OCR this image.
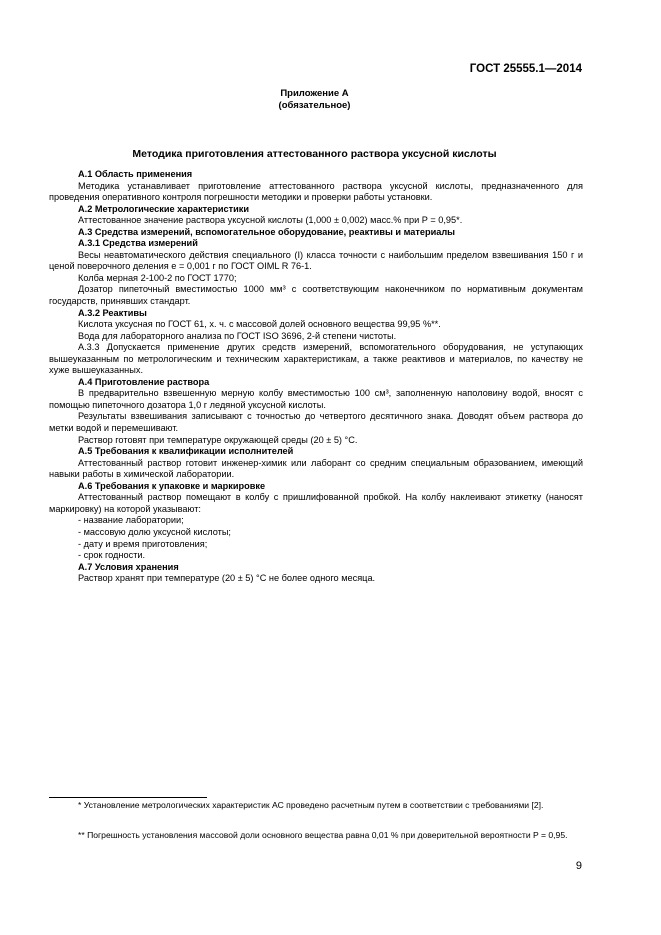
ГОСТ 25555.1—2014
Приложение А
(обязательное)
Методика приготовления аттестованного раствора уксусной кислоты

А.1 Область применения

Методика устанавливает приготовление аттестованного раствора уксусной кислоты, предназначенного для проведения оперативного контроля погрешности методики и проверки работы установки.

А.2 Метрологические характеристики

Аттестованное значение раствора уксусной кислоты (1,000 ± 0,002) масс.% при P = 0,95*.

А.3 Средства измерений, вспомогательное оборудование, реактивы и материалы

А.3.1 Средства измерений

Весы неавтоматического действия специального (I) класса точности с наибольшим пределом взвешивания 150 г и ценой поверочного деления e = 0,001 г по ГОСТ OIML R 76-1.

Колба мерная 2-100-2 по ГОСТ 1770;

Дозатор пипеточный вместимостью 1000 мм³ с соответствующим наконечником по нормативным документам государств, принявших стандарт.

А.3.2 Реактивы

Кислота уксусная по ГОСТ 61, х. ч. с массовой долей основного вещества 99,95 %**.

Вода для лабораторного анализа по ГОСТ ISO 3696, 2-й степени чистоты.

А.3.3 Допускается применение других средств измерений, вспомогательного оборудования, не уступающих вышеуказанным по метрологическим и техническим характеристикам, а также реактивов и материалов, по качеству не хуже вышеуказанных.

А.4 Приготовление раствора

В предварительно взвешенную мерную колбу вместимостью 100 см³, заполненную наполовину водой, вносят с помощью пипеточного дозатора 1,0 г ледяной уксусной кислоты.

Результаты взвешивания записывают с точностью до четвертого десятичного знака. Доводят объем раствора до метки водой и перемешивают.

Раствор готовят при температуре окружающей среды (20 ± 5) °С.

А.5 Требования к квалификации исполнителей

Аттестованный раствор готовит инженер-химик или лаборант со средним специальным образованием, имеющий навыки работы в химической лаборатории.

А.6 Требования к упаковке и маркировке

Аттестованный раствор помещают в колбу с пришлифованной пробкой. На колбу наклеивают этикетку (наносят маркировку) на которой указывают:

- название лаборатории;

- массовую долю уксусной кислоты;

- дату и время приготовления;

- срок годности.

А.7 Условия хранения

Раствор хранят при температуре (20 ± 5) °С не более одного месяца.

* Установление метрологических характеристик АС проведено расчетным путем в соответствии с требованиями [2].
** Погрешность установления массовой доли основного вещества равна 0,01 % при доверительной вероятности P = 0,95.
9
